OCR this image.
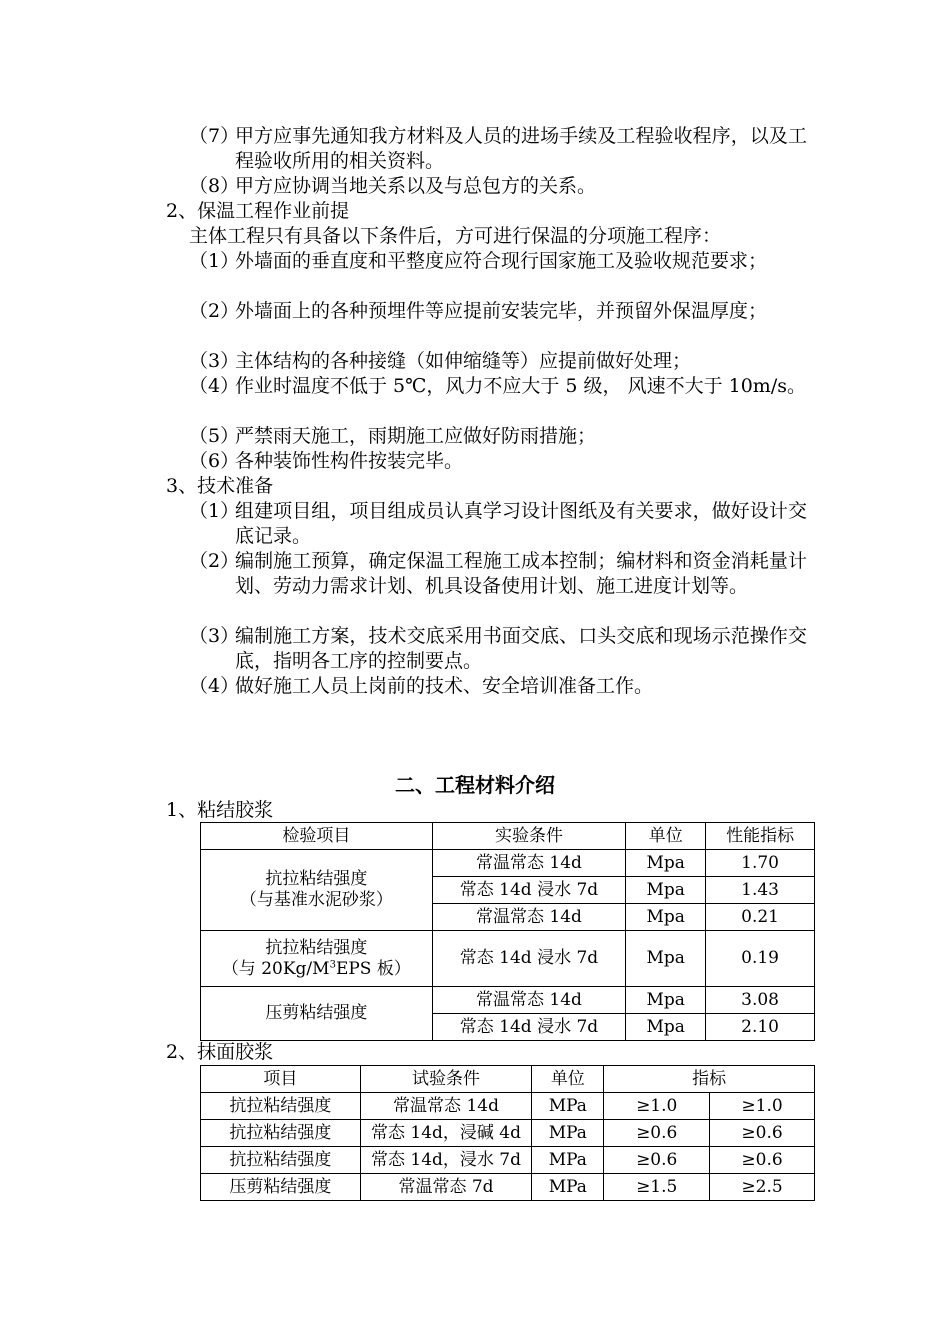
（7）
甲方应事先通知我方材料及人员的进场手续及工程验收程序，以及工程验收所用的相关资料。
（8）
甲方应协调当地关系以及与总包方的关系。
2、保温工程作业前提
主体工程只有具备以下条件后，方可进行保温的分项施工程序：
（1）
外墙面的垂直度和平整度应符合现行国家施工及验收规范要求；
（2）
外墙面上的各种预埋件等应提前安装完毕，并预留外保温厚度；
（3）
主体结构的各种接缝（如伸缩缝等）应提前做好处理；
（4）
作业时温度不低于 5℃，风力不应大于 5 级， 风速不大于 10m/s。
（5）
严禁雨天施工，雨期施工应做好防雨措施；
（6）
各种装饰性构件按装完毕。
3、技术准备
（1）
组建项目组，项目组成员认真学习设计图纸及有关要求，做好设计交底记录。
（2）
编制施工预算，确定保温工程施工成本控制；编材料和资金消耗量计划、劳动力需求计划、机具设备使用计划、施工进度计划等。
（3）
编制施工方案，技术交底采用书面交底、口头交底和现场示范操作交底，指明各工序的控制要点。
（4）
做好施工人员上岗前的技术、安全培训准备工作。
二、工程材料介绍
1、粘结胶浆
检验项目	实验条件	单位	性能指标

抗拉粘结强度
（与基准水泥砂浆）	常温常态 14d	Mpa	1.70
	常态 14d 浸水 7d	Mpa	1.43
	常温常态 14d	Mpa	0.21

抗拉粘结强度
（与 $20Kg/M^3EPS$ 板）	常态 14d 浸水 7d	Mpa	0.19
压剪粘结强度	常温常态 14d	Mpa	3.08
	常态 14d 浸水 7d	Mpa	2.10
2、抹面胶浆
项目	试验条件	单位	指标	
抗拉粘结强度	常温常态 14d	MPa	≥1.0	≥1.0
抗拉粘结强度	常态 14d，浸碱 4d	MPa	≥0.6	≥0.6
抗拉粘结强度	常态 14d，浸水 7d	MPa	≥0.6	≥0.6
压剪粘结强度	常温常态 7d	MPa	≥1.5	≥2.5
